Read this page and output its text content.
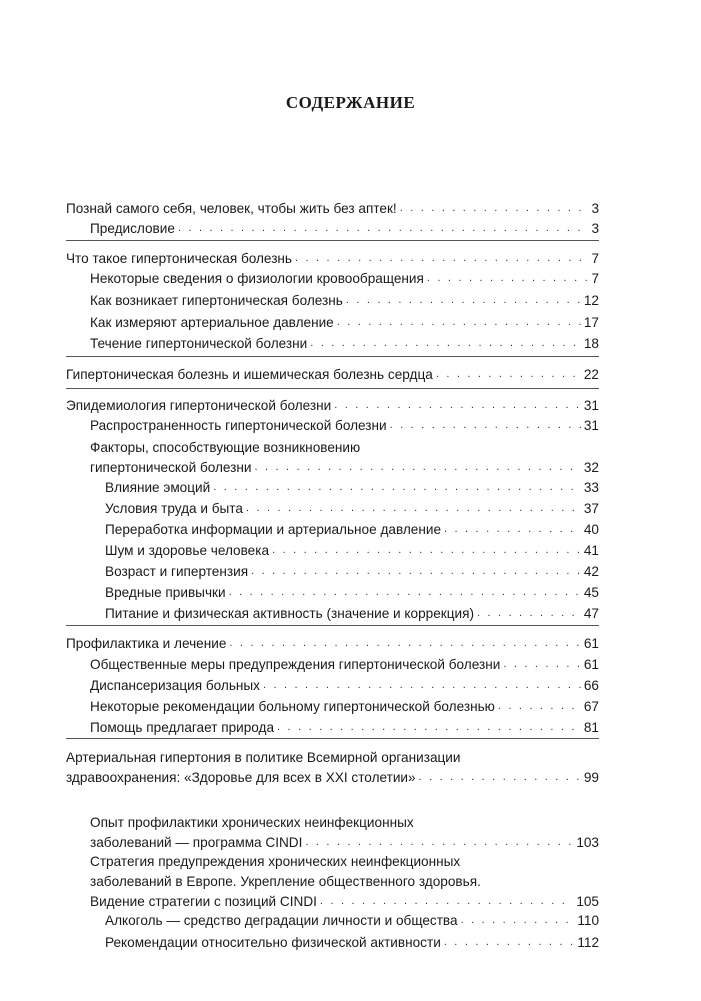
СОДЕРЖАНИЕ
Познай самого себя, человек, чтобы жить без аптек! . . .	3
Предисловие . . .	3
Что такое гипертоническая болезнь . . .	7
Некоторые сведения о физиологии кровообращения . . .	7
Как возникает гипертоническая болезнь . . .	12
Как измеряют артериальное давление . . .	17
Течение гипертонической болезни . . .	18
Гипертоническая болезнь и ишемическая болезнь сердца . . .	22
Эпидемиология гипертонической болезни . . .	31
Распространенность гипертонической болезни . . .	31
Факторы, способствующие возникновению
гипертонической болезни . . .	32
Влияние эмоций . . .	33
Условия труда и быта . . .	37
Переработка информации и артериальное давление . . .	40
Шум и здоровье человека . . .	41
Возраст и гипертензия . . .	42
Вредные привычки . . .	45
Питание и физическая активность (значение и коррекция) . . .	47
Профилактика и лечение . . .	61
Общественные меры предупреждения гипертонической болезни . . .	61
Диспансеризация больных . . .	66
Некоторые рекомендации больному гипертонической болезнью . . .	67
Помощь предлагает природа . . .	81
Артериальная гипертония в политике Всемирной организации
здравоохранения: «Здоровье для всех в XXI столетии» . . .	99
Опыт профилактики хронических неинфекционных
заболеваний — программа CINDI . . .	103
Стратегия предупреждения хронических неинфекционных
заболеваний в Европе. Укрепление общественного здоровья.
Видение стратегии с позиций CINDI . . .	105
Алкоголь — средство деградации личности и общества . . .	110
Рекомендации относительно физической активности . . .	112
